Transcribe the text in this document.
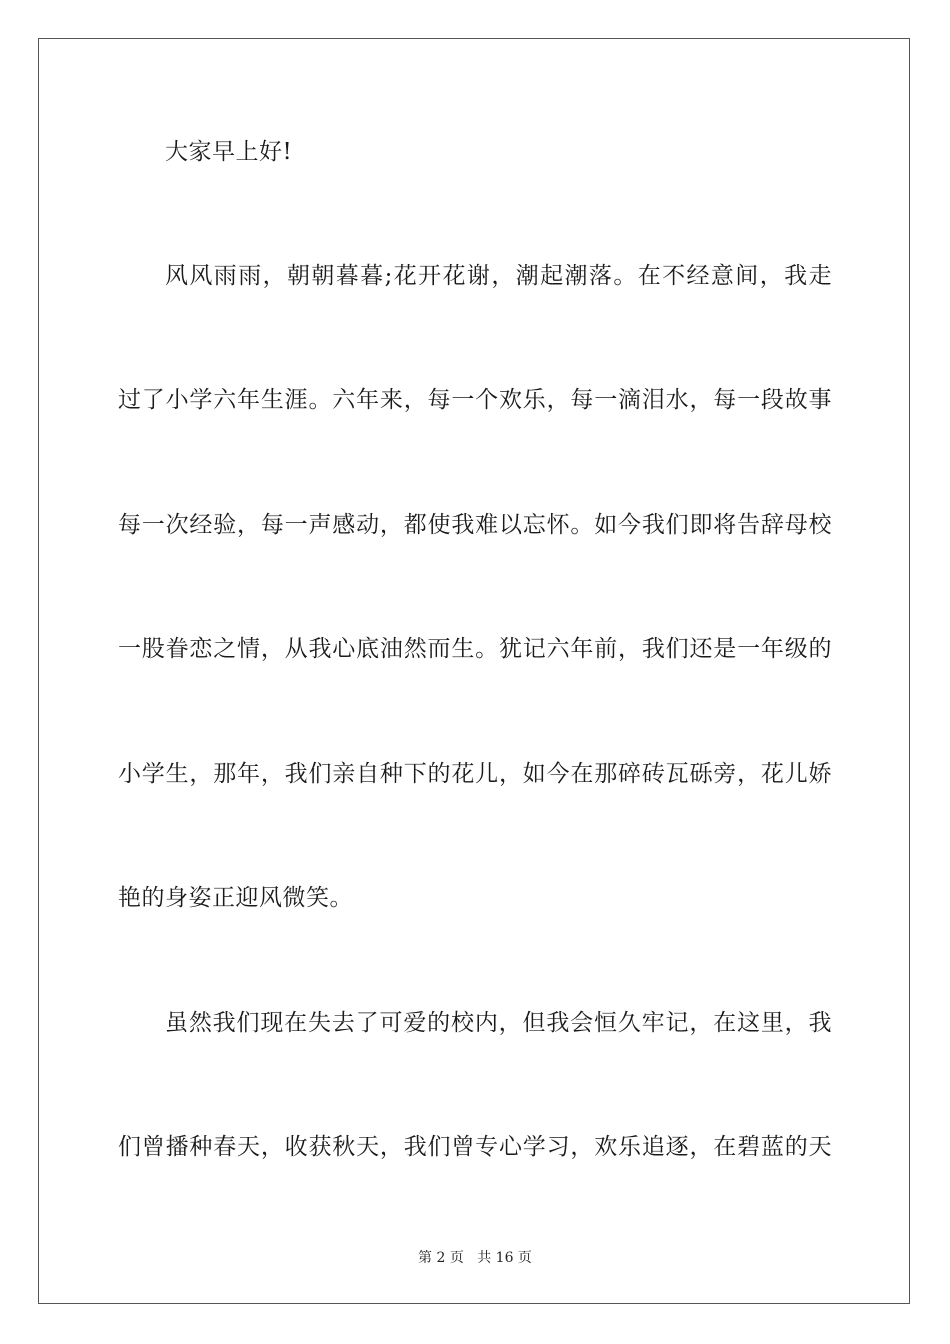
大家早上好!
风风雨雨，朝朝暮暮;花开花谢，潮起潮落。在不经意间，我走
过了小学六年生涯。六年来，每一个欢乐，每一滴泪水，每一段故事
每一次经验，每一声感动，都使我难以忘怀。如今我们即将告辞母校
一股眷恋之情，从我心底油然而生。犹记六年前，我们还是一年级的
小学生，那年，我们亲自种下的花儿，如今在那碎砖瓦砾旁，花儿娇
艳的身姿正迎风微笑。
虽然我们现在失去了可爱的校内，但我会恒久牢记，在这里，我
们曾播种春天，收获秋天，我们曾专心学习，欢乐追逐，在碧蓝的天
第 2 页 共 16 页
